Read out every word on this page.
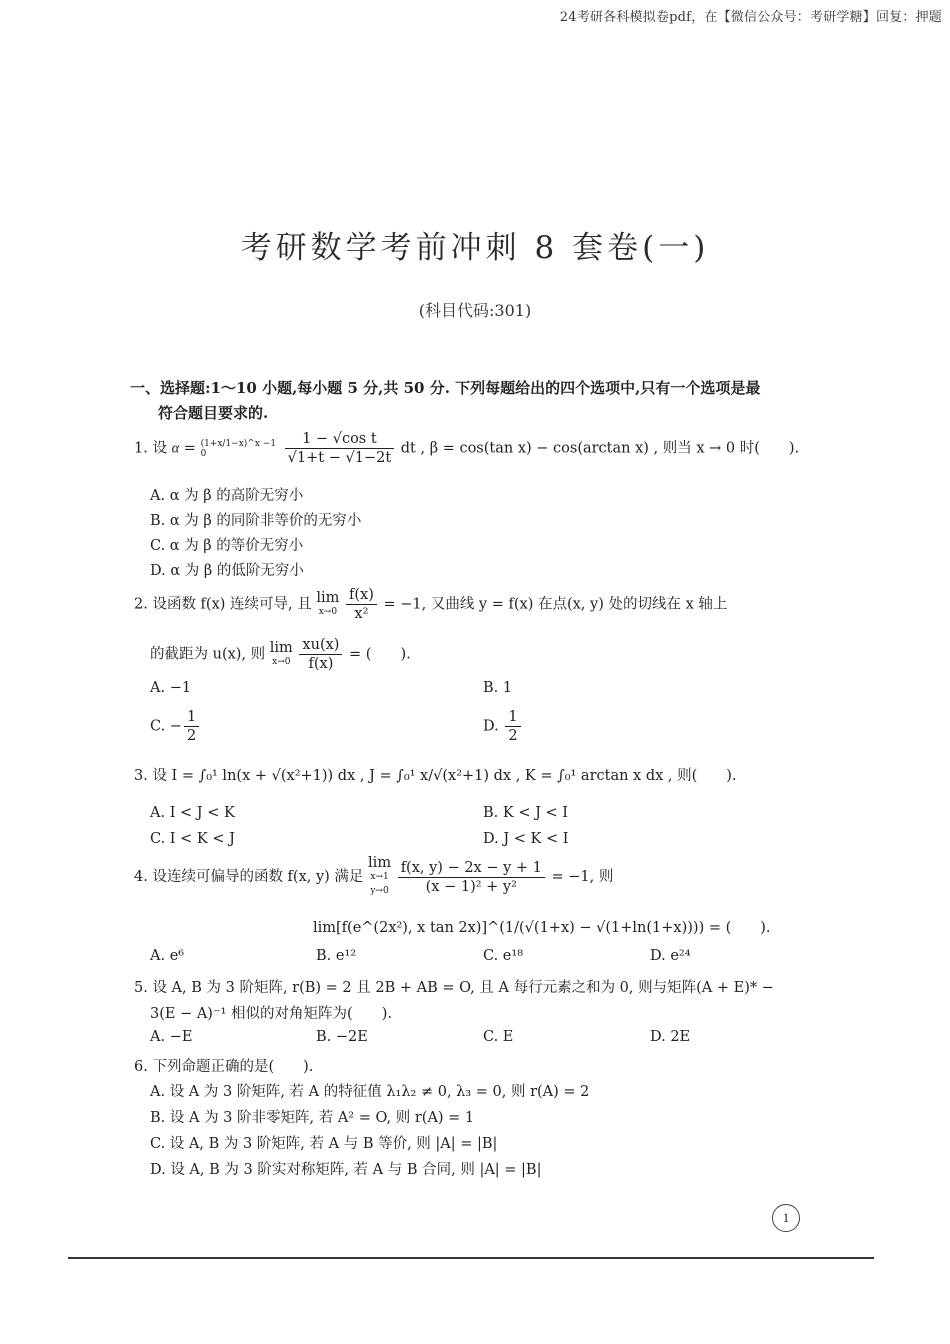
24考研各科模拟卷pdf，在【微信公众号：考研学糖】回复：押题
考研数学考前冲刺 8 套卷(一)
(科目代码:301)
一、选择题:1～10 小题,每小题 5 分,共 50 分. 下列每题给出的四个选项中,只有一个选项是最
符合题目要求的.
1. 设 α = (1+x/1−x)^x −1
0
	$\frac{\text{1 − √cos t}}{√1+t - √1-2t}$ dt , β = cos(tan x) − cos(arctan x) , 则当 x → 0 时(　　).
A. α 为 β 的高阶无穷小
B. α 为 β 的同阶非等价的无穷小
C. α 为 β 的等价无穷小
D. α 为 β 的低阶无穷小
2. 设函数 f(x) 连续可导, 且 lim
x→0
$\frac{f(x)}{\text{x²}} = -1$, 又曲线 y = f(x) 在点(x, y) 处的切线在 x 轴上
的截距为 u(x), 则 lim
x→0
$\frac{xu(x)}{f(x)}$ = (　　).
A. −1	B. 1
C. − $\frac{1}{2}$	D. $\frac{1}{2}$
3. 设 I = ∫₀¹ ln(x + √(x²+1)) dx , J = ∫₀¹ x/√(x²+1) dx , K = ∫₀¹ arctan x dx , 则(　　).
A. I < J < K	B. K < J < I
C. I < K < J	D. J < K < I
4. 设连续可偏导的函数 f(x, y) 满足 lim
x→1
y→0
$\frac{f(x, y) - 2x - y + 1}{\text{(x − 1)² + y²}} = -1$, 则
lim[f(e^(2x²), x tan 2x)]^(1/(√(1+x) − √(1+ln(1+x)))) = (　　).
A. e⁶	B. e¹²	C. e¹⁸	D. e²⁴
5. 设 A, B 为 3 阶矩阵, r(B) = 2 且 2B + AB = O, 且 A 每行元素之和为 0, 则与矩阵(A + E)* −
3(E − A)⁻¹ 相似的对角矩阵为(　　).
A. −E	B. −2E	C. E	D. 2E
6. 下列命题正确的是(　　).
A. 设 A 为 3 阶矩阵, 若 A 的特征值 λ₁λ₂ ≠ 0, λ₃ = 0, 则 r(A) = 2
B. 设 A 为 3 阶非零矩阵, 若 A² = O, 则 r(A) = 1
C. 设 A, B 为 3 阶矩阵, 若 A 与 B 等价, 则 |A| = |B|
D. 设 A, B 为 3 阶实对称矩阵, 若 A 与 B 合同, 则 |A| = |B|
1
